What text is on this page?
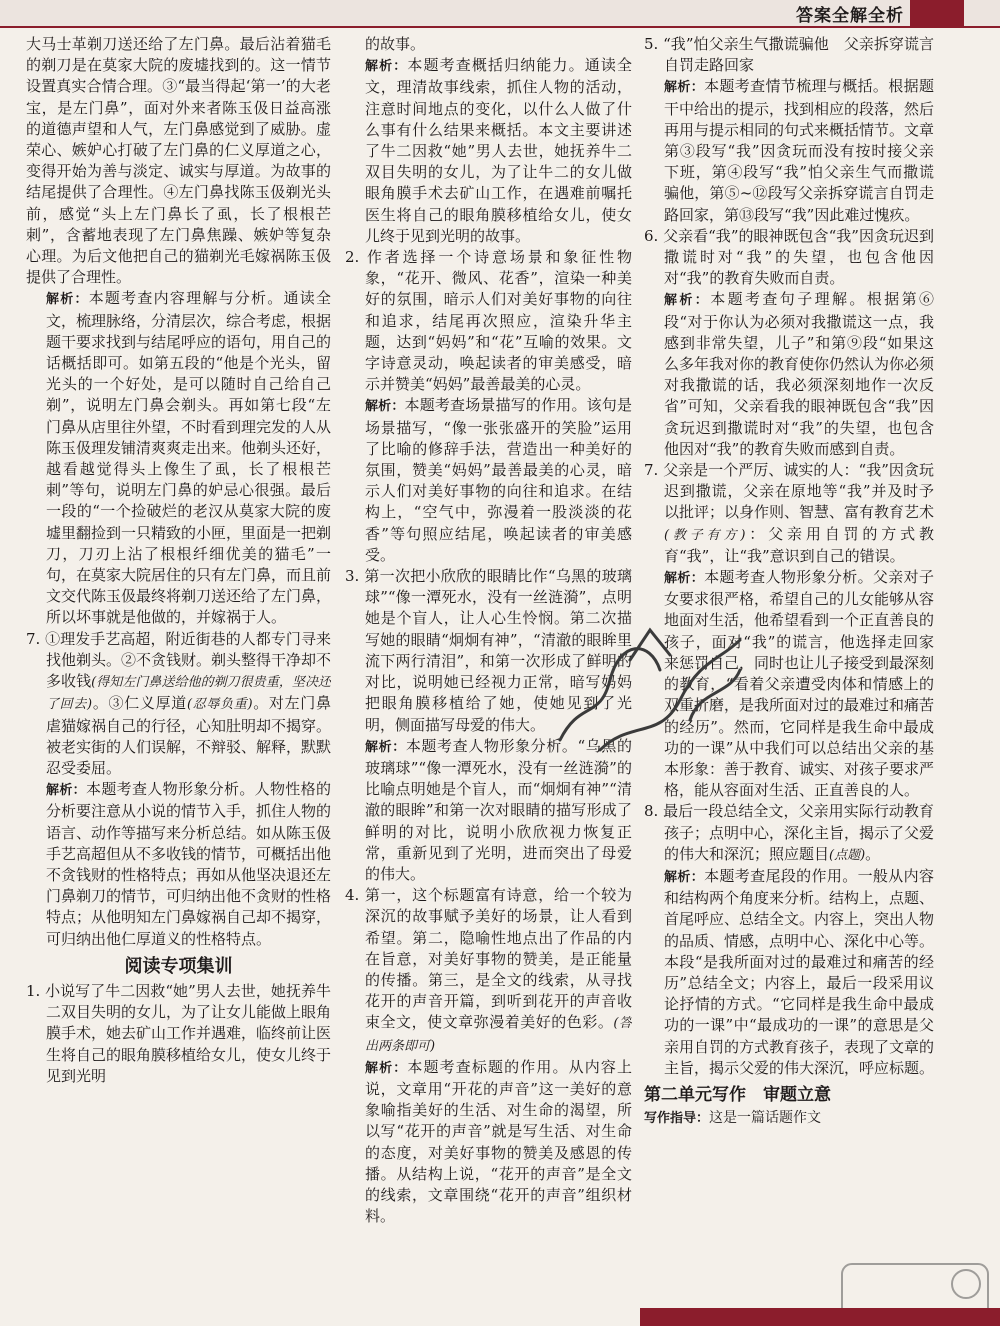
答案全解全析

大马士革剃刀送还给了左门鼻。最后沾着猫毛的剃刀是在莫家大院的废墟找到的。这一情节设置真实合情合理。③“最当得起‘第一’的大老宝，是左门鼻”，面对外来者陈玉伋日益高涨的道德声望和人气，左门鼻感觉到了威胁。虚荣心、嫉妒心打破了左门鼻的仁义厚道之心，变得开始为善与淡定、诚实与厚道。为故事的结尾提供了合理性。④左门鼻找陈玉伋剃光头前，感觉“头上左门鼻长了虱，长了根根芒刺”，含蓄地表现了左门鼻焦躁、嫉妒等复杂心理。为后文他把自己的猫剃光毛嫁祸陈玉伋提供了合理性。

解析：本题考查内容理解与分析。通读全文，梳理脉络，分清层次，综合考虑，根据题干要求找到与结尾呼应的语句，用自己的话概括即可。如第五段的“他是个光头，留光头的一个好处，是可以随时自己给自己剃”，说明左门鼻会剃头。再如第七段“左门鼻从店里往外望，不时看到理完发的人从陈玉伋理发铺清爽爽走出来。他剃头还好，越看越觉得头上像生了虱，长了根根芒刺”等句，说明左门鼻的妒忌心很强。最后一段的“一个捡破烂的老汉从莫家大院的废墟里翻捡到一只精致的小匣，里面是一把剃刀，刀刃上沾了根根纤细优美的猫毛”一句，在莫家大院居住的只有左门鼻，而且前文交代陈玉伋最终将剃刀送还给了左门鼻，所以坏事就是他做的，并嫁祸于人。

7. ①理发手艺高超，附近街巷的人都专门寻来找他剃头。②不贪钱财。剃头整得干净却不多收钱(得知左门鼻送给他的剃刀很贵重，坚决还了回去)。③仁义厚道(忍辱负重)。对左门鼻虐猫嫁祸自己的行径，心知肚明却不揭穿。被老实街的人们误解，不辩驳、解释，默默忍受委屈。

解析：本题考查人物形象分析。人物性格的分析要注意从小说的情节入手，抓住人物的语言、动作等描写来分析总结。如从陈玉伋手艺高超但从不多收钱的情节，可概括出他不贪钱财的性格特点；再如从他坚决退还左门鼻剃刀的情节，可归纳出他不贪财的性格特点；从他明知左门鼻嫁祸自己却不揭穿，可归纳出他仁厚道义的性格特点。

阅读专项集训

1. 小说写了牛二因救“她”男人去世，她抚养牛二双目失明的女儿，为了让女儿能做上眼角膜手术，她去矿山工作并遇难，临终前让医生将自己的眼角膜移植给女儿，使女儿终于见到光明

的故事。

解析：本题考查概括归纳能力。通读全文，理清故事线索，抓住人物的活动，注意时间地点的变化，以什么人做了什么事有什么结果来概括。本文主要讲述了牛二因救“她”男人去世，她抚养牛二双目失明的女儿，为了让牛二的女儿做眼角膜手术去矿山工作，在遇难前嘱托医生将自己的眼角膜移植给女儿，使女儿终于见到光明的故事。

2. 作者选择一个诗意场景和象征性物象，“花开、微风、花香”，渲染一种美好的氛围，暗示人们对美好事物的向往和追求，结尾再次照应，渲染升华主题，达到“妈妈”和“花”互喻的效果。文字诗意灵动，唤起读者的审美感受，暗示并赞美“妈妈”最善最美的心灵。

解析：本题考查场景描写的作用。该句是场景描写，“像一张张盛开的笑脸”运用了比喻的修辞手法，营造出一种美好的氛围，赞美“妈妈”最善最美的心灵，暗示人们对美好事物的向往和追求。在结构上，“空气中，弥漫着一股淡淡的花香”等句照应结尾，唤起读者的审美感受。

3. 第一次把小欣欣的眼睛比作“乌黑的玻璃球”“像一潭死水，没有一丝涟漪”，点明她是个盲人，让人心生怜悯。第二次描写她的眼睛“炯炯有神”，“清澈的眼眸里流下两行清泪”，和第一次形成了鲜明的对比，说明她已经视力正常，暗写妈妈把眼角膜移植给了她，使她见到了光明，侧面描写母爱的伟大。

解析：本题考查人物形象分析。“乌黑的玻璃球”“像一潭死水，没有一丝涟漪”的比喻点明她是个盲人，而“炯炯有神”“清澈的眼眸”和第一次对眼睛的描写形成了鲜明的对比，说明小欣欣视力恢复正常，重新见到了光明，进而突出了母爱的伟大。

4. 第一，这个标题富有诗意，给一个较为深沉的故事赋予美好的场景，让人看到希望。第二，隐喻性地点出了作品的内在旨意，对美好事物的赞美，是正能量的传播。第三，是全文的线索，从寻找花开的声音开篇，到听到花开的声音收束全文，使文章弥漫着美好的色彩。(答出两条即可)

解析：本题考查标题的作用。从内容上说，文章用“开花的声音”这一美好的意象喻指美好的生活、对生命的渴望，所以写“花开的声音”就是写生活、对生命的态度，对美好事物的赞美及感恩的传播。从结构上说，“花开的声音”是全文的线索，文章围绕“花开的声音”组织材料。

5. “我”怕父亲生气撒谎骗他　父亲拆穿谎言自罚走路回家

解析：本题考查情节梳理与概括。根据题干中给出的提示，找到相应的段落，然后再用与提示相同的句式来概括情节。文章第③段写“我”因贪玩而没有按时接父亲下班，第④段写“我”怕父亲生气而撒谎骗他，第⑤~⑫段写父亲拆穿谎言自罚走路回家，第⑬段写“我”因此难过愧疚。

6. 父亲看“我”的眼神既包含“我”因贪玩迟到撒谎时对“我”的失望，也包含他因对“我”的教育失败而自责。

解析：本题考查句子理解。根据第⑥段“对于你认为必须对我撒谎这一点，我感到非常失望，儿子”和第⑨段“如果这么多年我对你的教育使你仍然认为你必须对我撒谎的话，我必须深刻地作一次反省”可知，父亲看我的眼神既包含“我”因贪玩迟到撒谎时对“我”的失望，也包含他因对“我”的教育失败而感到自责。

7. 父亲是一个严厉、诚实的人：“我”因贪玩迟到撒谎，父亲在原地等“我”并及时予以批评；以身作则、智慧、富有教育艺术(教子有方)：父亲用自罚的方式教育“我”，让“我”意识到自己的错误。

解析：本题考查人物形象分析。父亲对子女要求很严格，希望自己的儿女能够从容地面对生活，他希望看到一个正直善良的孩子，面对“我”的谎言，他选择走回家来惩罚自己，同时也让儿子接受到最深刻的教育，“看着父亲遭受肉体和情感上的双重折磨，是我所面对过的最难过和痛苦的经历”。然而，它同样是我生命中最成功的一课”从中我们可以总结出父亲的基本形象：善于教育、诚实、对孩子要求严格，能从容面对生活、正直善良的人。

8. 最后一段总结全文，父亲用实际行动教育孩子；点明中心，深化主旨，揭示了父爱的伟大和深沉；照应题目(点题)。

解析：本题考查尾段的作用。一般从内容和结构两个角度来分析。结构上，点题、首尾呼应、总结全文。内容上，突出人物的品质、情感，点明中心、深化中心等。本段“是我所面对过的最难过和痛苦的经历”总结全文；内容上，最后一段采用议论抒情的方式。“它同样是我生命中最成功的一课”中“最成功的一课”的意思是父亲用自罚的方式教育孩子，表现了文章的主旨，揭示父爱的伟大深沉，呼应标题。

第二单元写作　审题立意

写作指导：这是一篇话题作文
